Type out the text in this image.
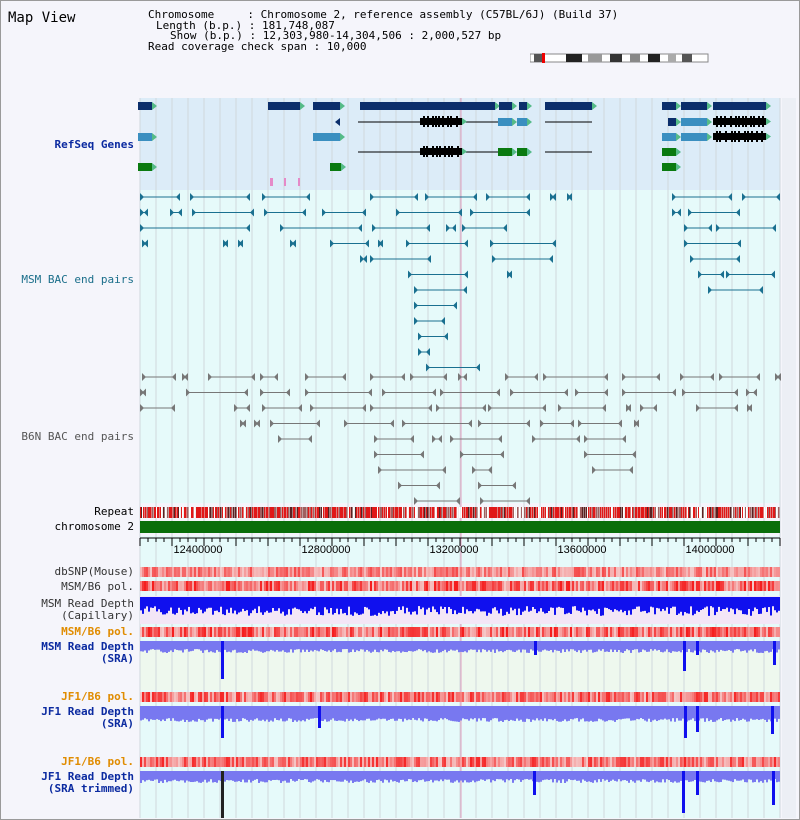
Map View	Chromosome     : Chromosome 2, reference assembly (C57BL/6J) (Build 37)
Length (b.p.) : 181,748,087
Show (b.p.) : 12,303,980-14,304,506 : 2,000,527 bp
Read coverage check span : 10,000
RefSeq Genes
MSM BAC end pairs
B6N BAC end pairs
Repeat
chromosome 2
dbSNP(Mouse)
MSM/B6 pol.
MSM Read Depth
(Capillary)
MSM/B6 pol.
MSM Read Depth
(SRA)
JF1/B6 pol.
JF1 Read Depth
(SRA)
JF1/B6 pol.
JF1 Read Depth
(SRA trimmed)
12400000	12800000	13200000	13600000	14000000
